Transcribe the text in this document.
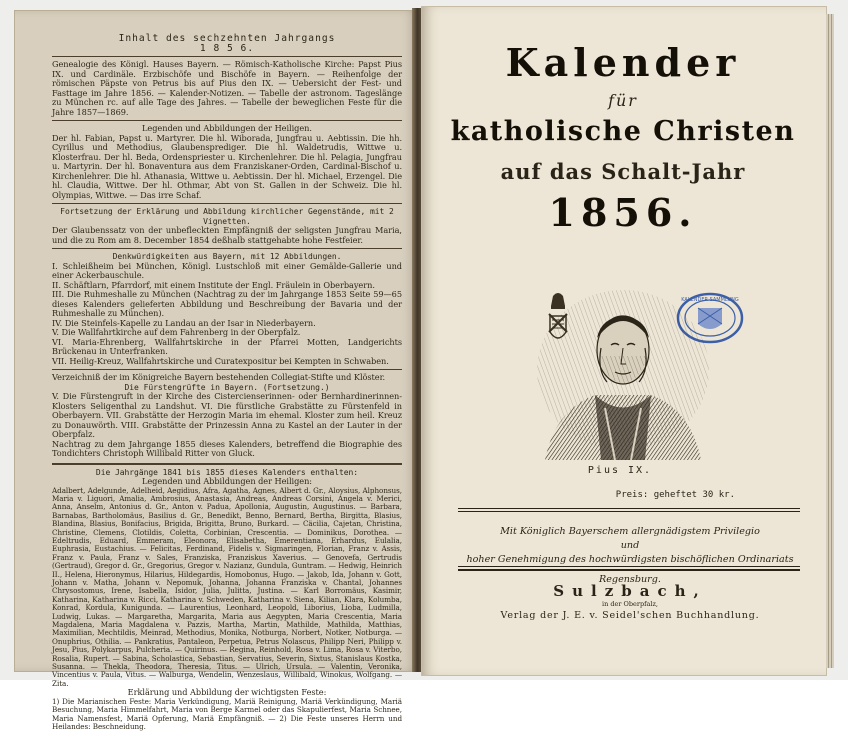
Inhalt des sechzehnten Jahrgangs
1 8 5 6.
Genealogie des Königl. Hauses Bayern. — Römisch-Katholische Kirche: Papst Pius IX. und Cardinäle. Erzbischöfe und Bischöfe in Bayern. — Reihenfolge der römischen Päpste von Petrus bis auf Pius den IX. — Uebersicht der Fest- und Fasttage im Jahre 1856. — Kalender-Notizen. — Tabelle der astronom. Tageslänge zu München rc. auf alle Tage des Jahres. — Tabelle der beweglichen Feste für die Jahre 1857—1869.
Legenden und Abbildungen der Heiligen.
Der hl. Fabian, Papst u. Martyrer. Die hl. Wiborada, Jungfrau u. Aebtissin. Die hh. Cyrillus und Methodius, Glaubensprediger. Die hl. Waldetrudis, Wittwe u. Klosterfrau. Der hl. Beda, Ordenspriester u. Kirchenlehrer. Die hl. Pelagia, Jungfrau u. Martyrin. Der hl. Bonaventura aus dem Franziskaner-Orden, Cardinal-Bischof u. Kirchenlehrer. Die hl. Athanasia, Wittwe u. Aebtissin. Der hl. Michael, Erzengel. Die hl. Claudia, Wittwe. Der hl. Othmar, Abt von St. Gallen in der Schweiz. Die hl. Olympias, Wittwe. — Das irre Schaf.
Fortsetzung der Erklärung und Abbildung kirchlicher Gegenstände, mit 2 Vignetten.
Der Glaubenssatz von der unbefleckten Empfängniß der seligsten Jungfrau Maria, und die zu Rom am 8. December 1854 deßhalb stattgehabte hohe Festfeier.
Denkwürdigkeiten aus Bayern, mit 12 Abbildungen.
I. Schleißheim bei München, Königl. Lustschloß mit einer Gemälde-Gallerie und einer Ackerbauschule.
II. Schäftlarn, Pfarrdorf, mit einem Institute der Engl. Fräulein in Oberbayern.
III. Die Ruhmeshalle zu München (Nachtrag zu der im Jahrgange 1853 Seite 59—65 dieses Kalenders gelieferten Abbildung und Beschreibung der Bavaria und der Ruhmeshalle zu München).
IV. Die Steinfels-Kapelle zu Landau an der Isar in Niederbayern.
V. Die Wallfahrtkirche auf dem Fahrenberg in der Oberpfalz.
VI. Maria-Ehrenberg, Wallfahrtskirche in der Pfarrei Motten, Landgerichts Brückenau in Unterfranken.
VII. Heilig-Kreuz, Wallfahrtskirche und Curatexpositur bei Kempten in Schwaben.
Verzeichniß der im Königreiche Bayern bestehenden Collegiat-Stifte und Klöster.
Die Fürstengrüfte in Bayern. (Fortsetzung.)
V. Die Fürstengruft in der Kirche des Cistercienserinnen- oder Bernhardinerinnen-Klosters Seligenthal zu Landshut. VI. Die fürstliche Grabstätte zu Fürstenfeld in Oberbayern. VII. Grabstätte der Herzogin Maria im ehemal. Kloster zum heil. Kreuz zu Donauwörth. VIII. Grabstätte der Prinzessin Anna zu Kastel an der Lauter in der Oberpfalz.
Nachtrag zu dem Jahrgange 1855 dieses Kalenders, betreffend die Biographie des Tondichters Christoph Willibald Ritter von Gluck.
Die Jahrgänge 1841 bis 1855 dieses Kalenders enthalten:
Legenden und Abbildungen der Heiligen:
Adalbert, Adelgunde, Adelheid, Aegidius, Afra, Agatha, Agnes, Albert d. Gr., Aloysius, Alphonsus, Maria v. Liguori, Amalia, Ambrosius, Anastasia, Andreas, Andreas Corsini, Angela v. Merici, Anna, Anselm, Antonius d. Gr., Anton v. Padua, Apollonia, Augustin, Augustinus. — Barbara, Barnabas, Bartholomäus, Basilius d. Gr., Benedikt, Benno, Bernard, Bertha, Birgitta, Blasius, Blandina, Blasius, Bonifacius, Brigida, Brigitta, Bruno, Burkard. — Cäcilia, Cajetan, Christina, Christine, Clemens, Clotildis, Coletta, Corbinian, Crescentia. — Dominikus, Dorothea. — Edeltrudis, Eduard, Emmeram, Eleonora, Elisabetha, Emerentiana, Erhardus, Eulalia, Euphrasia, Eustachius. — Felicitas, Ferdinand, Fidelis v. Sigmaringen, Florian, Franz v. Assis, Franz v. Paula, Franz v. Sales, Franziska, Franziskus Xaverius. — Genovefa, Gertrudis (Gertraud), Gregor d. Gr., Gregorius, Gregor v. Nazianz, Gundula, Guntram. — Hedwig, Heinrich II., Helena, Hieronymus, Hilarius, Hildegardis, Homobonus, Hugo. — Jakob, Ida, Johann v. Gott, Johann v. Matha, Johann v. Nepomuk, Johanna, Johanna Franziska v. Chantal, Johannes Chrysostomus, Irene, Isabella, Isidor, Julia, Julitta, Justina. — Karl Borromäus, Kasimir, Katharina, Katharina v. Ricci, Katharina v. Schweden, Katharina v. Siena, Kilian, Klara, Kolumba, Konrad, Kordula, Kunigunda. — Laurentius, Leonhard, Leopold, Liborius, Lioba, Ludmilla, Ludwig, Lukas. — Margaretha, Margarita, Maria aus Aegypten, Maria Crescentia, Maria Magdalena, Maria Magdalena v. Pazzis, Martha, Martin, Mathilde, Mathilda, Matthias, Maximilian, Mechtildis, Meinrad, Methodius, Monika, Notburga, Norbert, Notker, Notburga. — Onuphrius, Othilia. — Pankratius, Pantaleon, Perpetua, Petrus Nolascus, Philipp Neri, Philipp v. Jesu, Pius, Polykarpus, Pulcheria. — Quirinus. — Regina, Reinhold, Rosa v. Lima, Rosa v. Viterbo, Rosalia, Rupert. — Sabina, Scholastica, Sebastian, Servatius, Severin, Sixtus, Stanislaus Kostka, Susanna. — Thekla, Theodora, Theresia, Titus. — Ulrich, Ursula. — Valentin, Veronika, Vincentius v. Paula, Vitus. — Walburga, Wendelin, Wenzeslaus, Willibald, Winokus, Wolfgang. — Zita.
Erklärung und Abbildung der wichtigsten Feste:
1) Die Marianischen Feste: Maria Verkündigung, Mariä Reinigung, Mariä Verkündigung, Mariä Besuchung, Maria Himmelfahrt, Maria von Berge Karmel oder das Skapulierfest, Maria Schnee, Maria Namensfest, Mariä Opferung, Mariä Empfängniß. — 2) Die Feste unseres Herrn und Heilandes: Beschneidung.
Kalender
für
katholische Christen
auf das Schalt-Jahr
1856.
KALENDER-SAMMLUNG
Pius IX.
Preis: geheftet 30 kr.
Mit Königlich Bayerschem allergnädigstem Privilegio
und
hoher Genehmigung des hochwürdigsten bischöflichen Ordinariats Regensburg.
Sulzbach,
in der Oberpfalz,
Verlag der J. E. v. Seidel'schen Buchhandlung.
